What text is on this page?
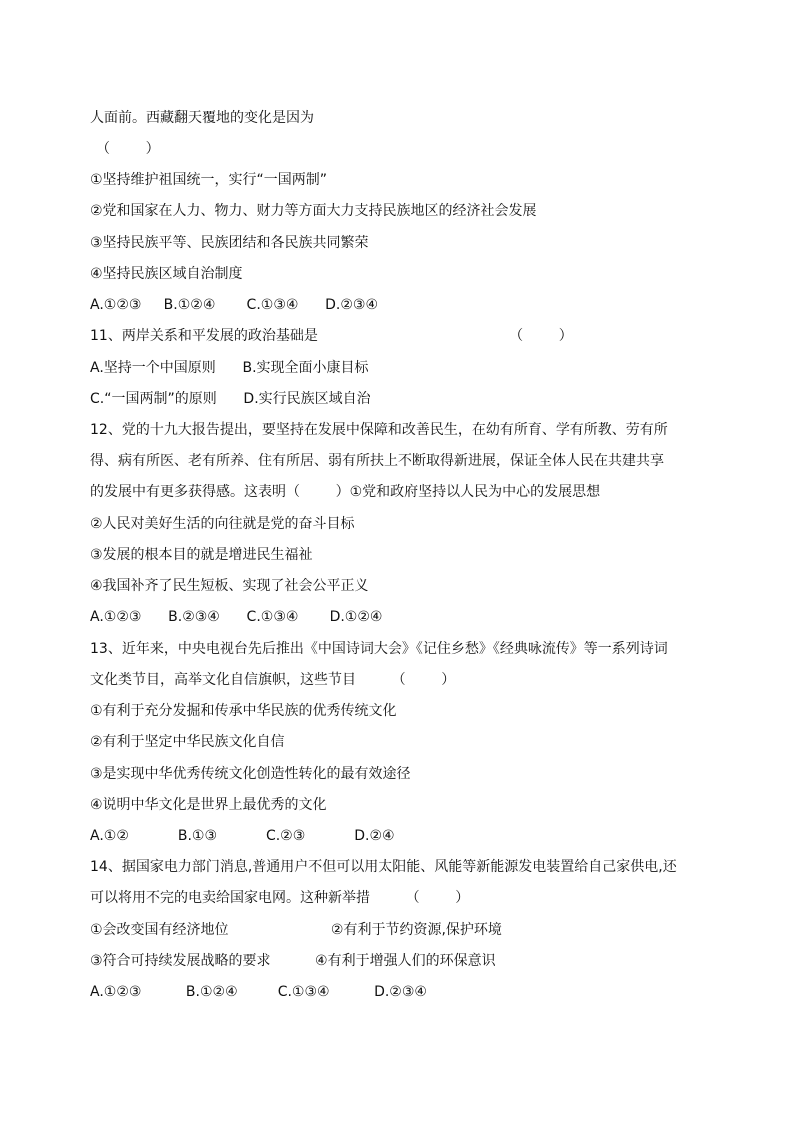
人面前。西藏翻天覆地的变化是因为
（        ）
①坚持维护祖国统一，实行“一国两制”
②党和国家在人力、物力、财力等方面大力支持民族地区的经济社会发展
③坚持民族平等、民族团结和各民族共同繁荣
④坚持民族区域自治制度
A.①②③     B.①②④       C.①③④      D.②③④
11、两岸关系和平发展的政治基础是                                           （        ）
A.坚持一个中国原则      B.实现全面小康目标
C.“一国两制”的原则      D.实行民族区域自治
12、党的十九大报告提出，要坚持在发展中保障和改善民生，在幼有所育、学有所教、劳有所
得、病有所医、老有所养、住有所居、弱有所扶上不断取得新进展，保证全体人民在共建共享
的发展中有更多获得感。这表明（        ）①党和政府坚持以人民为中心的发展思想
②人民对美好生活的向往就是党的奋斗目标
③发展的根本目的就是增进民生福祉
④我国补齐了民生短板、实现了社会公平正义
A.①②③      B.②③④      C.①③④       D.①②④
13、近年来，中央电视台先后推出《中国诗词大会》《记住乡愁》《经典咏流传》等一系列诗词
文化类节目，高举文化自信旗帜，这些节目        （        ）
①有利于充分发掘和传承中华民族的优秀传统文化
②有利于坚定中华民族文化自信
③是实现中华优秀传统文化创造性转化的最有效途径
④说明中华文化是世界上最优秀的文化
A.①②           B.①③           C.②③           D.②④
14、据国家电力部门消息,普通用户不但可以用太阳能、风能等新能源发电装置给自己家供电,还
可以将用不完的电卖给国家电网。这种新举措        （        ）
①会改变国有经济地位                       ②有利于节约资源,保护环境
③符合可持续发展战略的要求          ④有利于增强人们的环保意识
A.①②③          B.①②④         C.①③④          D.②③④
